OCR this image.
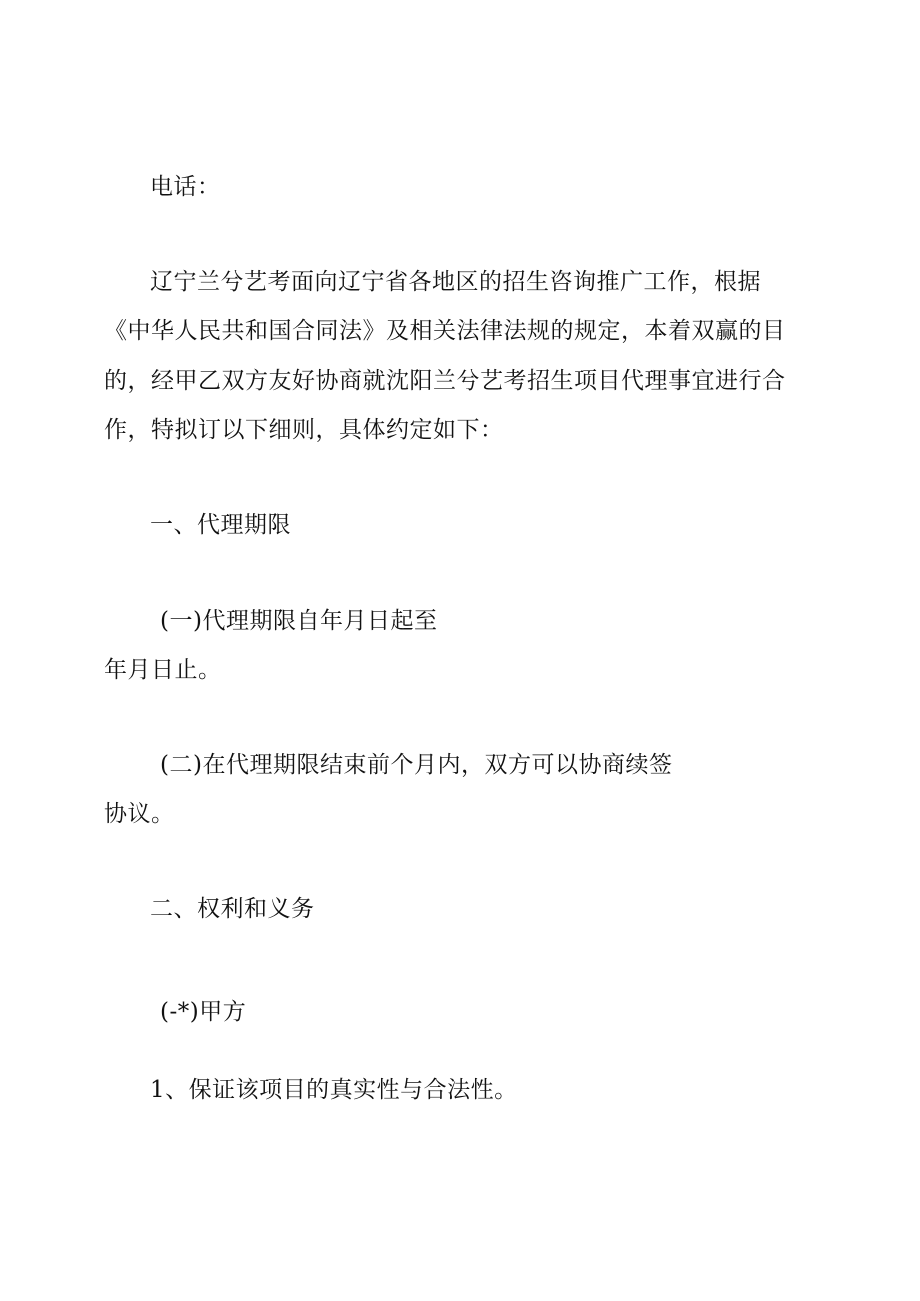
电话：
辽宁兰兮艺考面向辽宁省各地区的招生咨询推广工作，根据
《中华人民共和国合同法》及相关法律法规的规定，本着双赢的目
的，经甲乙双方友好协商就沈阳兰兮艺考招生项目代理事宜进行合
作，特拟订以下细则，具体约定如下：
一、代理期限
(一)代理期限自年月日起至
年月日止。
(二)在代理期限结束前个月内，双方可以协商续签
协议。
二、权利和义务
(-*)甲方
1、保证该项目的真实性与合法性。
